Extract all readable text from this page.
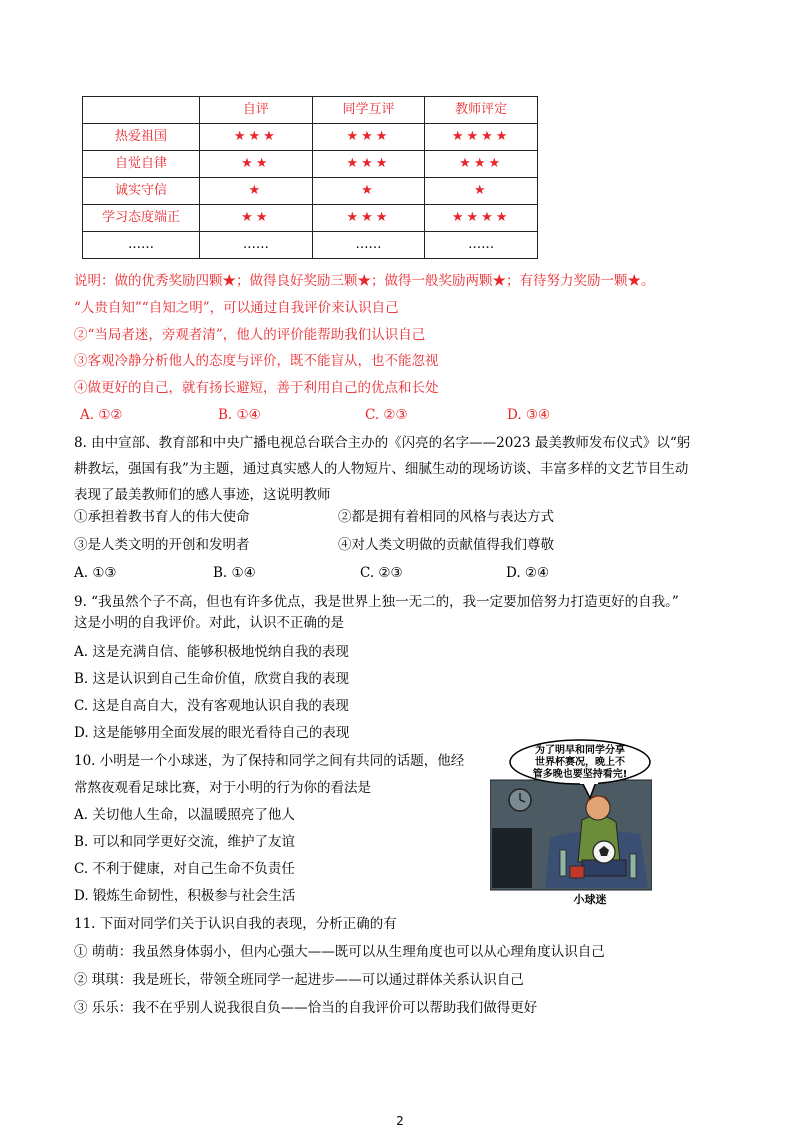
	自评	同学互评	教师评定
热爱祖国	★★★	★★★	★★★★
自觉自律	★★	★★★	★★★
诚实守信	★	★	★
学习态度端正	★★	★★★	★★★★
……	……	……	……
说明：做的优秀奖励四颗★；做得良好奖励三颗★；做得一般奖励两颗★；有待努力奖励一颗★。
“人贵自知”“自知之明”，可以通过自我评价来认识自己
②“当局者迷，旁观者清”，他人的评价能帮助我们认识自己
③客观冷静分析他人的态度与评价，既不能盲从，也不能忽视
④做更好的自己，就有扬长避短，善于利用自己的优点和长处
A. ①②	B. ①④	C. ②③	D. ③④
8. 由中宣部、教育部和中央广播电视总台联合主办的《闪亮的名字——2023 最美教师发布仪式》以“躬
耕教坛，强国有我”为主题，通过真实感人的人物短片、细腻生动的现场访谈、丰富多样的文艺节目生动
表现了最美教师们的感人事迹，这说明教师
①承担着教书育人的伟大使命	②都是拥有着相同的风格与表达方式
③是人类文明的开创和发明者	④对人类文明做的贡献值得我们尊敬
A. ①③	B. ①④	C. ②③	D. ②④
9. “我虽然个子不高，但也有许多优点，我是世界上独一无二的，我一定要加倍努力打造更好的自我。”
这是小明的自我评价。对此，认识不正确的是
A. 这是充满自信、能够积极地悦纳自我的表现
B. 这是认识到自己生命价值，欣赏自我的表现
C. 这是自高自大，没有客观地认识自我的表现
D. 这是能够用全面发展的眼光看待自己的表现
10. 小明是一个小球迷，为了保持和同学之间有共同的话题，他经
常熬夜观看足球比赛，对于小明的行为你的看法是
A. 关切他人生命，以温暖照亮了他人
B. 可以和同学更好交流，维护了友谊
C. 不利于健康，对自己生命不负责任
D. 锻炼生命韧性，积极参与社会生活
为了明早和同学分享
世界杯赛况，晚上不
管多晚也要坚持看完!
小球迷
11. 下面对同学们关于认识自我的表现，分析正确的有
① 萌萌：我虽然身体弱小，但内心强大——既可以从生理角度也可以从心理角度认识自己
② 琪琪：我是班长，带领全班同学一起进步——可以通过群体关系认识自己
③ 乐乐：我不在乎别人说我很自负——恰当的自我评价可以帮助我们做得更好
2
